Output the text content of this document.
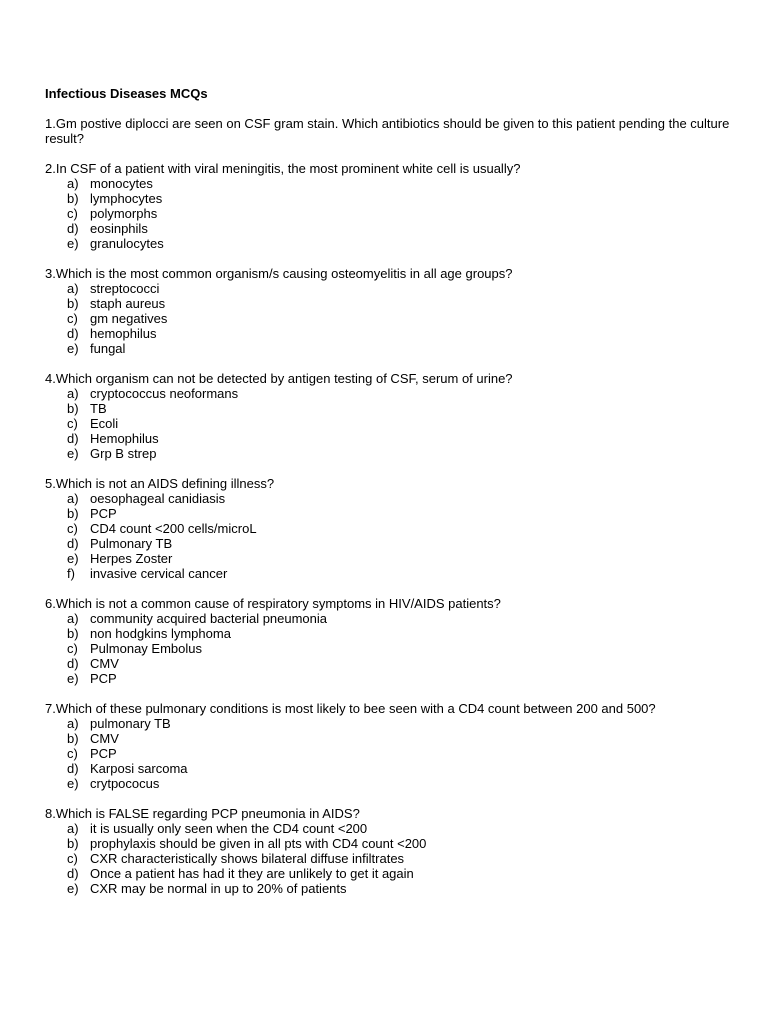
Infectious Diseases MCQs

1.Gm postive diplocci are seen on CSF gram stain. Which antibiotics should be given to this patient pending the culture result?

2.In CSF of a patient with viral meningitis, the most prominent white cell is usually?

a) monocytes
b) lymphocytes
c) polymorphs
d) eosinphils
e) granulocytes

3.Which is the most common organism/s causing osteomyelitis in all age groups?

a) streptococci
b) staph aureus
c) gm negatives
d) hemophilus
e) fungal

4.Which organism can not be detected by antigen testing of CSF, serum of urine?

a) cryptococcus neoformans
b) TB
c) Ecoli
d) Hemophilus
e) Grp B strep

5.Which is not an AIDS defining illness?

a) oesophageal canidiasis
b) PCP
c) CD4 count <200 cells/microL
d) Pulmonary TB
e) Herpes Zoster
f)	invasive cervical cancer

6.Which is not a common cause of respiratory symptoms in HIV/AIDS patients?

a) community acquired bacterial pneumonia
b) non hodgkins lymphoma
c) Pulmonay Embolus
d) CMV
e) PCP

7.Which of these pulmonary conditions is most likely to bee seen with a CD4 count between 200 and 500?

a) pulmonary TB
b) CMV
c) PCP
d) Karposi sarcoma
e) crytpococus

8.Which is FALSE regarding PCP pneumonia in AIDS?

a) it is usually only seen when the CD4 count <200
b) prophylaxis should be given in all pts with CD4 count <200
c) CXR characteristically shows bilateral diffuse infiltrates
d) Once a patient has had it they are unlikely to get it again
e) CXR may be normal in up to 20% of patients
